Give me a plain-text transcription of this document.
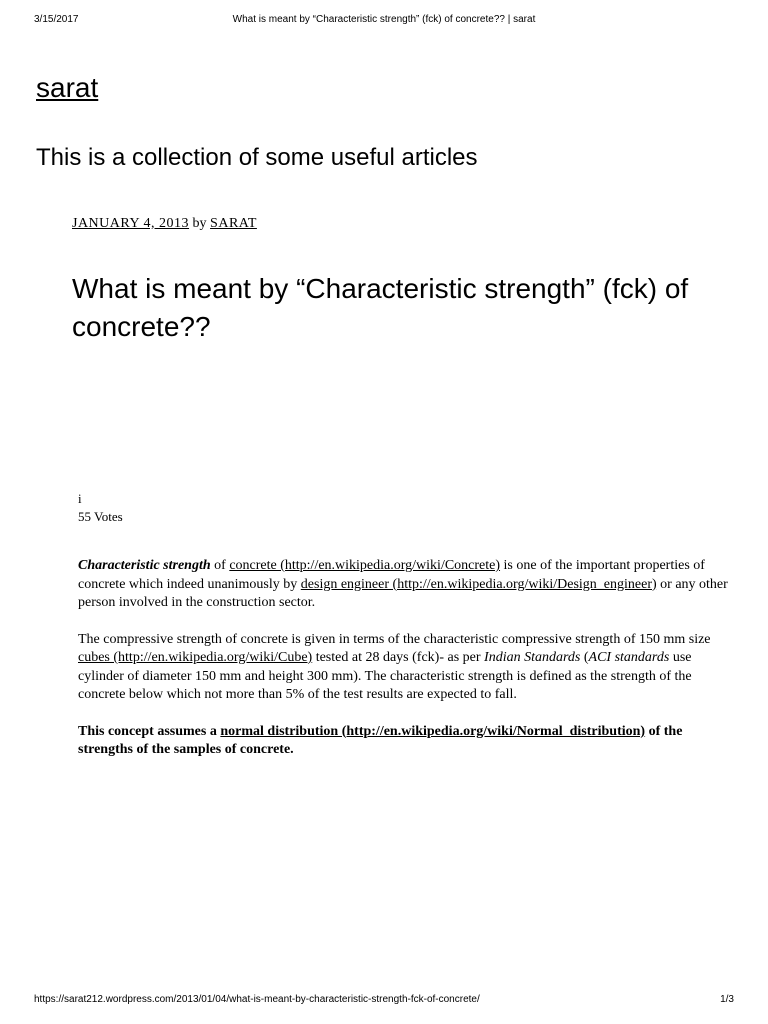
3/15/2017	What is meant by “Characteristic strength” (fck) of concrete?? | sarat
sarat
This is a collection of some useful articles
JANUARY 4, 2013 by SARAT
What is meant by “Characteristic strength” (fck) of concrete??
i
55 Votes

Characteristic strength of concrete (http://en.wikipedia.org/wiki/Concrete) is one of the important properties of concrete which indeed unanimously by design engineer (http://en.wikipedia.org/wiki/Design_engineer) or any other person involved in the construction sector.

The compressive strength of concrete is given in terms of the characteristic compressive strength of 150 mm size cubes (http://en.wikipedia.org/wiki/Cube) tested at 28 days (fck)- as per Indian Standards (ACI standards use cylinder of diameter 150 mm and height 300 mm). The characteristic strength is defined as the strength of the concrete below which not more than 5% of the test results are expected to fall.

This concept assumes a normal distribution (http://en.wikipedia.org/wiki/Normal_distribution) of the strengths of the samples of concrete.

https://sarat212.wordpress.com/2013/01/04/what-is-meant-by-characteristic-strength-fck-of-concrete/	1/3
